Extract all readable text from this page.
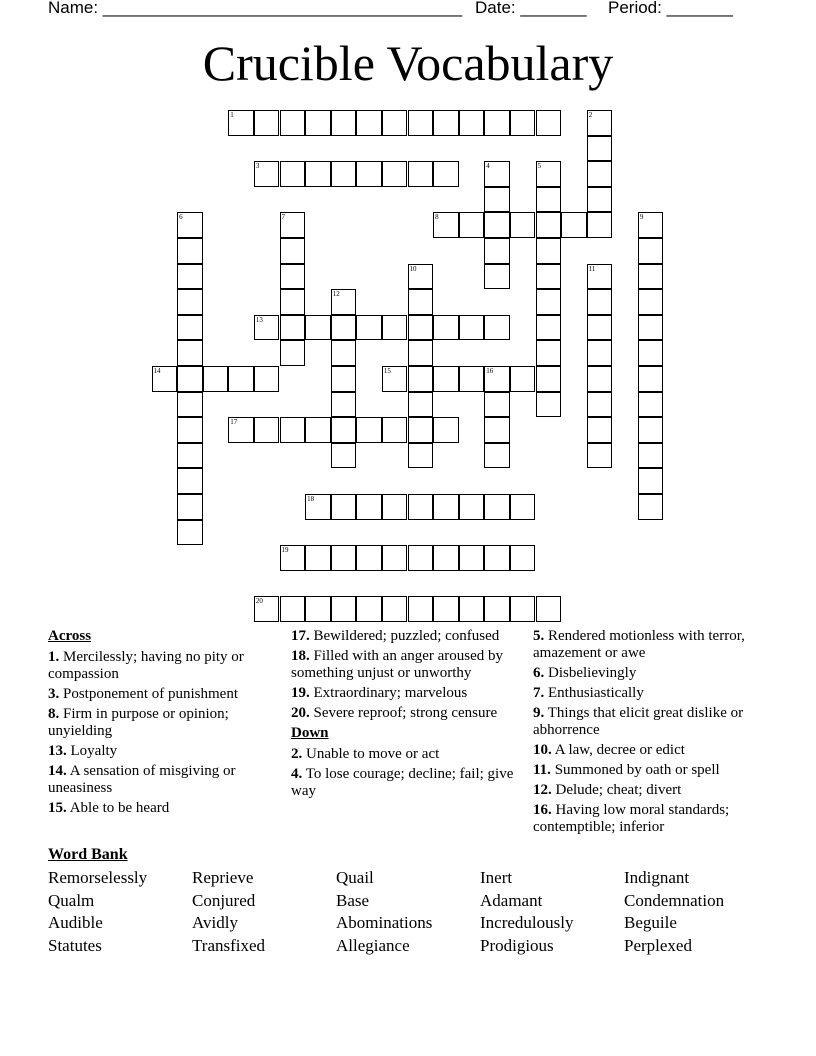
Name: ______________________________________ Date: _______ Period: _______
Crucible Vocabulary
1	2
3	4	5
6	7	8	9
10	11
12
13
14	15	16
17
18
19
20
Across
1. Mercilessly; having no pity or compassion
3. Postponement of punishment
8. Firm in purpose or opinion; unyielding
13. Loyalty
14. A sensation of misgiving or uneasiness
15. Able to be heard
17. Bewildered; puzzled; confused
18. Filled with an anger aroused by something unjust or unworthy
19. Extraordinary; marvelous
20. Severe reproof; strong censure
Down
2. Unable to move or act
4. To lose courage; decline; fail; give way
5. Rendered motionless with terror, amazement or awe
6. Disbelievingly
7. Enthusiastically
9. Things that elicit great dislike or abhorrence
10. A law, decree or edict
11. Summoned by oath or spell
12. Delude; cheat; divert
16. Having low moral standards; contemptible; inferior
Word Bank
Remorselessly	Reprieve	Quail	Inert	Indignant
Qualm	Conjured	Base	Adamant	Condemnation
Audible	Avidly	Abominations	Incredulously	Beguile
Statutes	Transfixed	Allegiance	Prodigious	Perplexed
